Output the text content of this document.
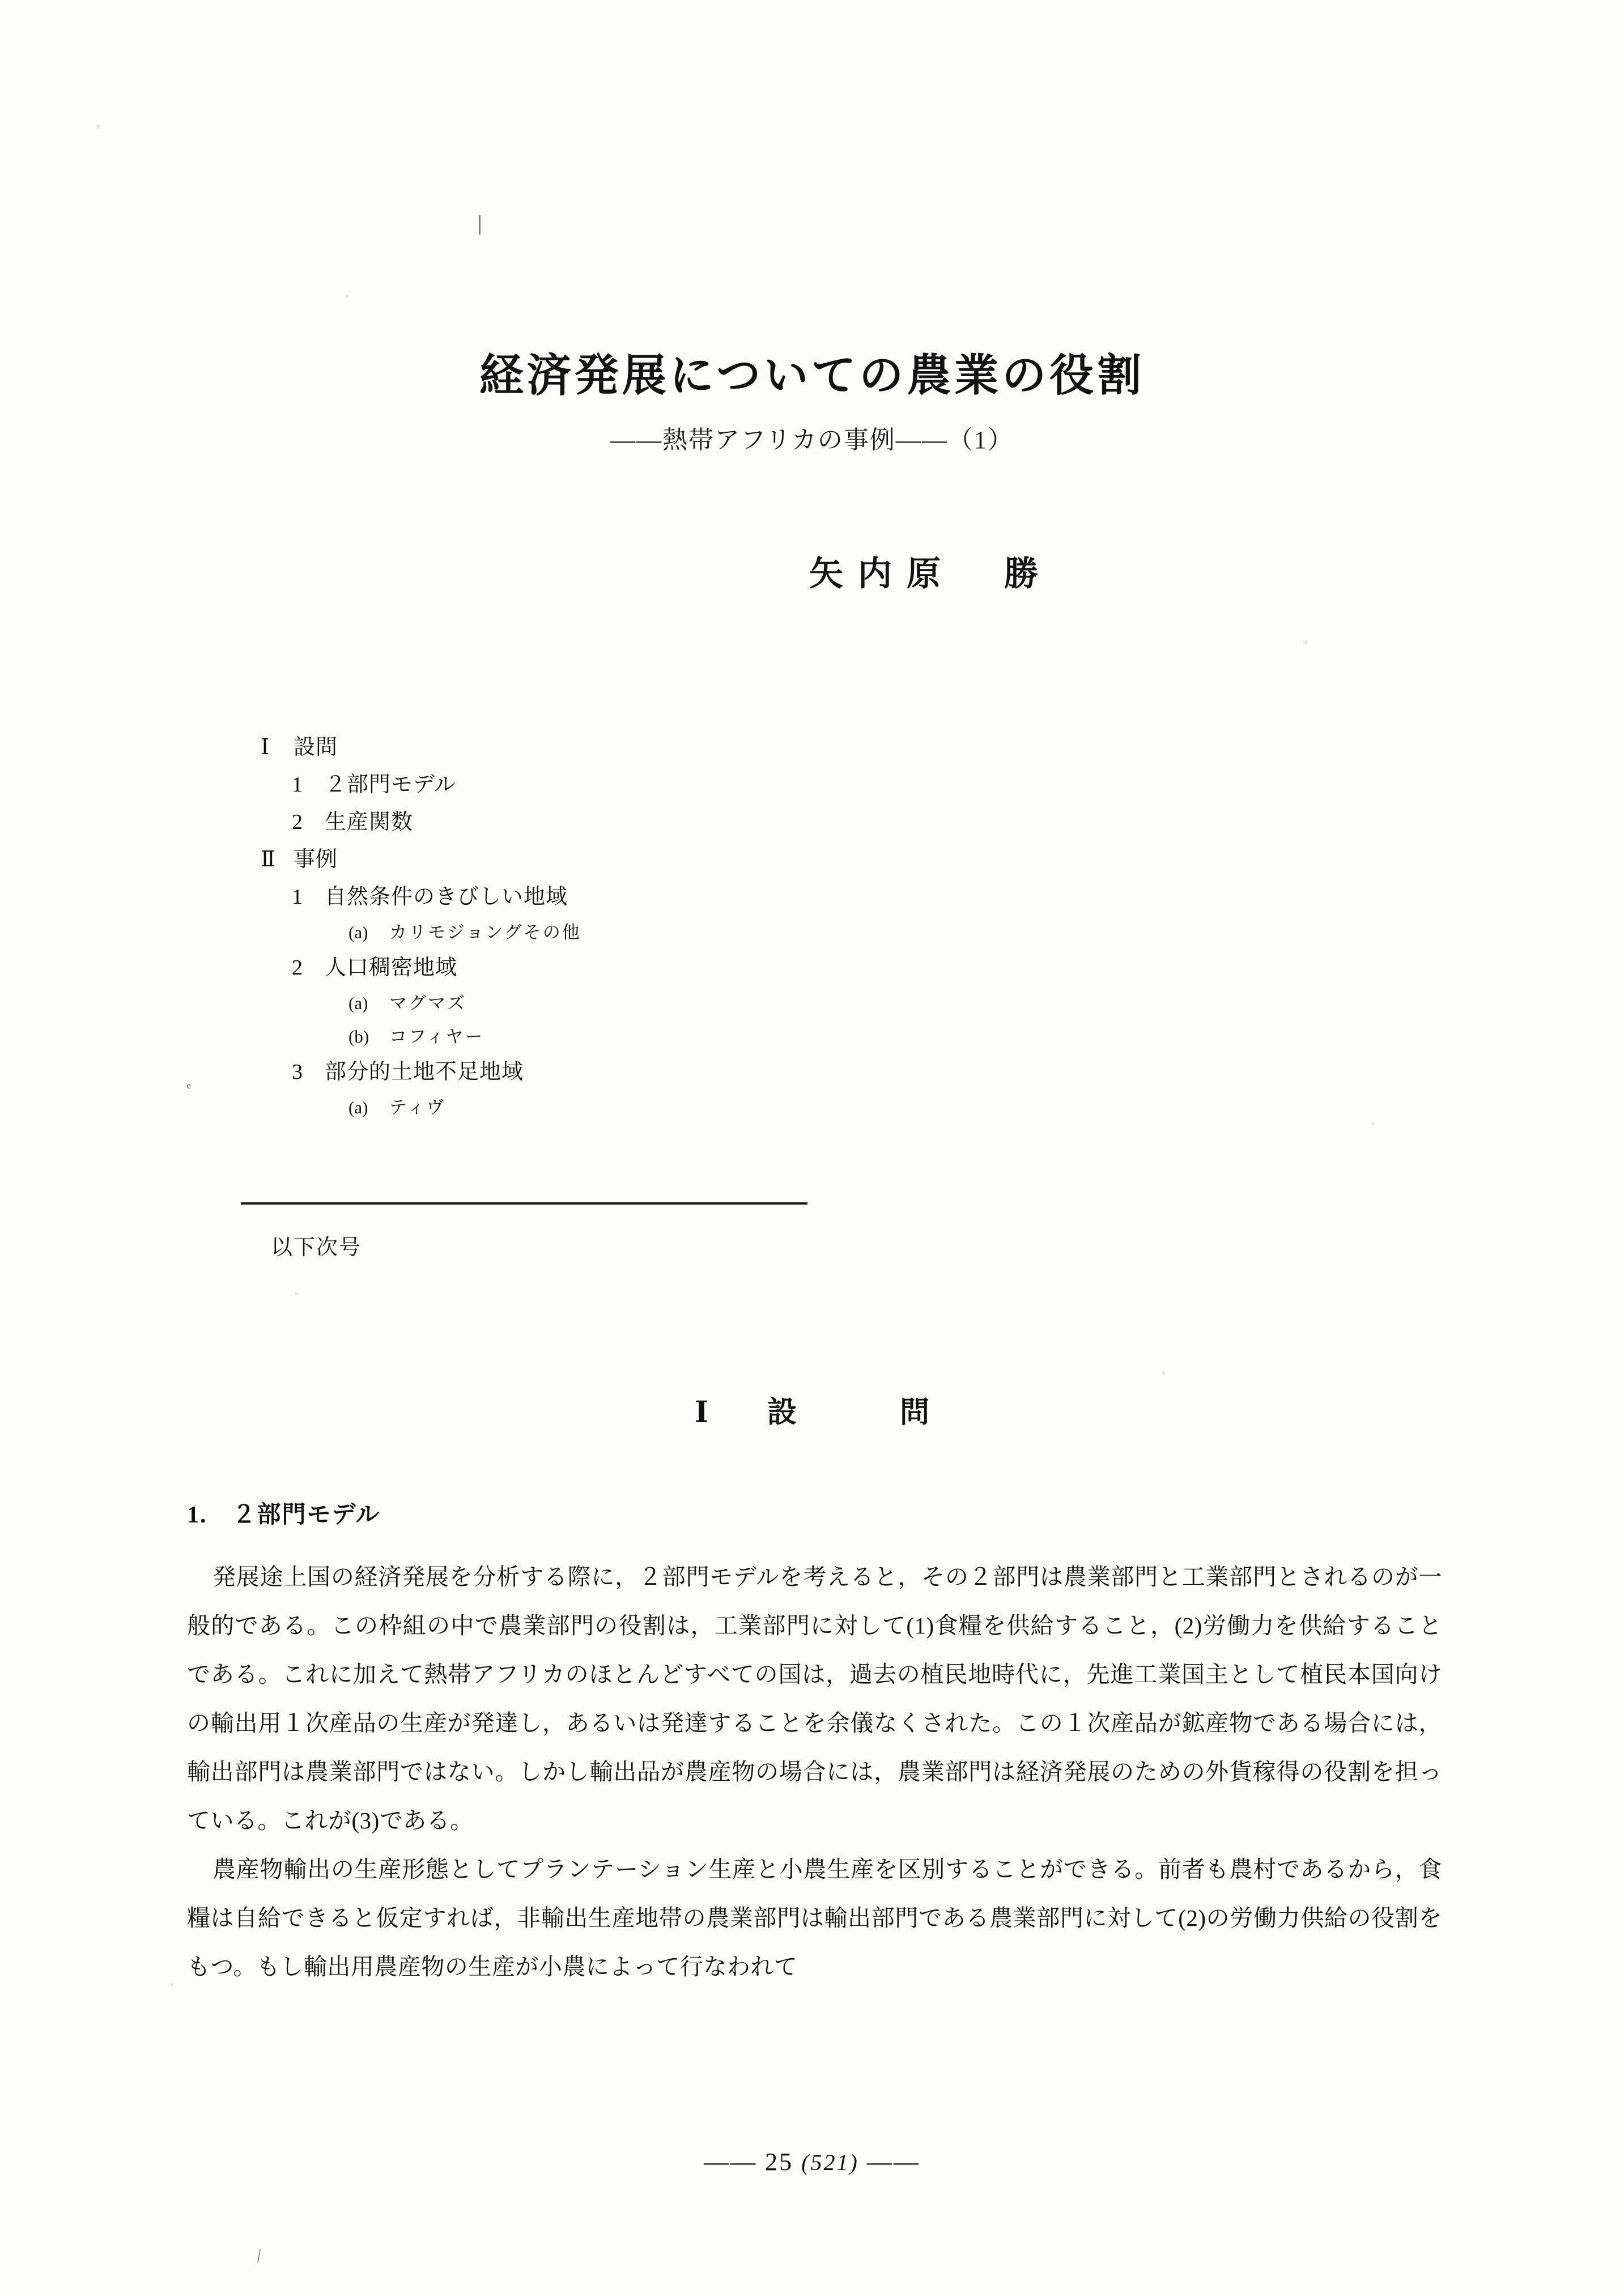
経済発展についての農業の役割
——熱帯アフリカの事例——（1）
矢内原　勝
Ⅰ	設問
1	２部門モデル
2	生産関数
Ⅱ 事例
1	自然条件のきびしい地域
(a)	カリモジョングその他
2	人口稠密地域
(a)	マグマズ
(b)	コフィヤー
3	部分的土地不足地域
(a)	ティヴ
ᵉ
以下次号
Ⅰ　設　　問
1.　２部門モデル

発展途上国の経済発展を分析する際に，２部門モデルを考えると，その２部門は農業部門と工業部門とされるのが一般的である。この枠組の中で農業部門の役割は，工業部門に対して(1)食糧を供給すること，(2)労働力を供給することである。これに加えて熱帯アフリカのほとんどすべての国は，過去の植民地時代に，先進工業国主として植民本国向けの輸出用１次産品の生産が発達し，あるいは発達することを余儀なくされた。この１次産品が鉱産物である場合には，輸出部門は農業部門ではない。しかし輸出品が農産物の場合には，農業部門は経済発展のための外貨稼得の役割を担っている。これが(3)である。

農産物輸出の生産形態としてプランテーション生産と小農生産を区別することができる。前者も農村であるから，食糧は自給できると仮定すれば，非輸出生産地帯の農業部門は輸出部門である農業部門に対して(2)の労働力供給の役割をもつ。もし輸出用農産物の生産が小農によって行なわれて

—— 25 (521) ——
∕
